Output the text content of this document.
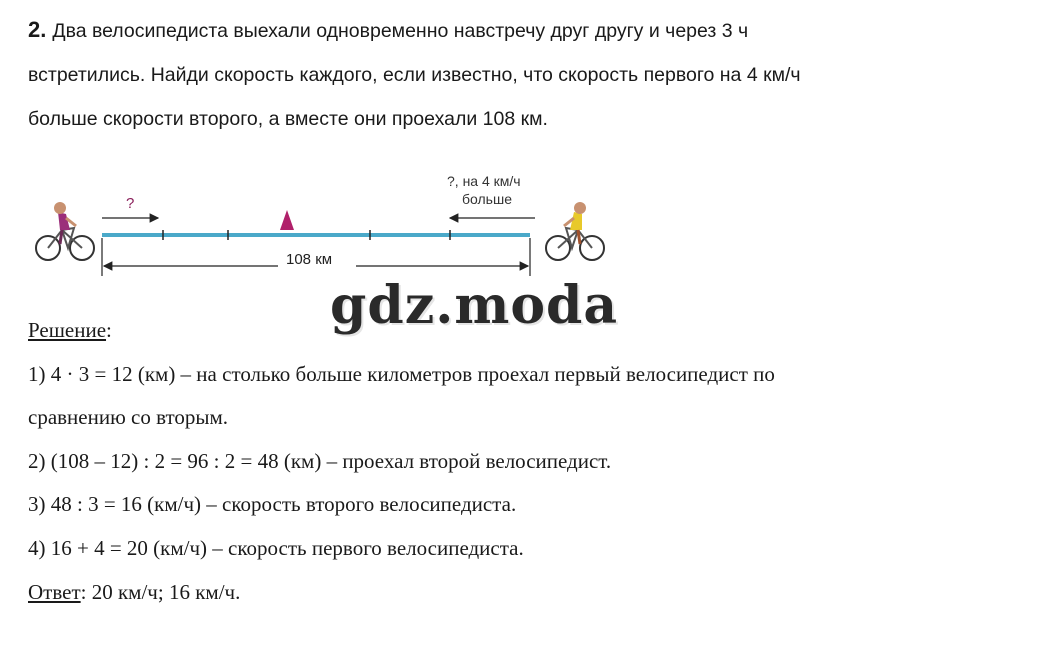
2. Два велосипедиста выехали одновременно навстречу друг другу и через 3 ч
встретились. Найди скорость каждого, если известно, что скорость первого на 4 км/ч
больше скорости второго, а вместе они проехали 108 км.
?
?, на 4 км/ч
больше
108 км
gdz.moda
Решение:
1) 4 · 3 = 12 (км) – на столько больше километров проехал первый велосипедист по
сравнению со вторым.
2) (108 – 12) : 2 = 96 : 2 = 48 (км) – проехал второй велосипедист.
3) 48 : 3 = 16 (км/ч) – скорость второго велосипедиста.
4) 16 + 4 = 20 (км/ч) – скорость первого велосипедиста.
Ответ: 20 км/ч; 16 км/ч.
